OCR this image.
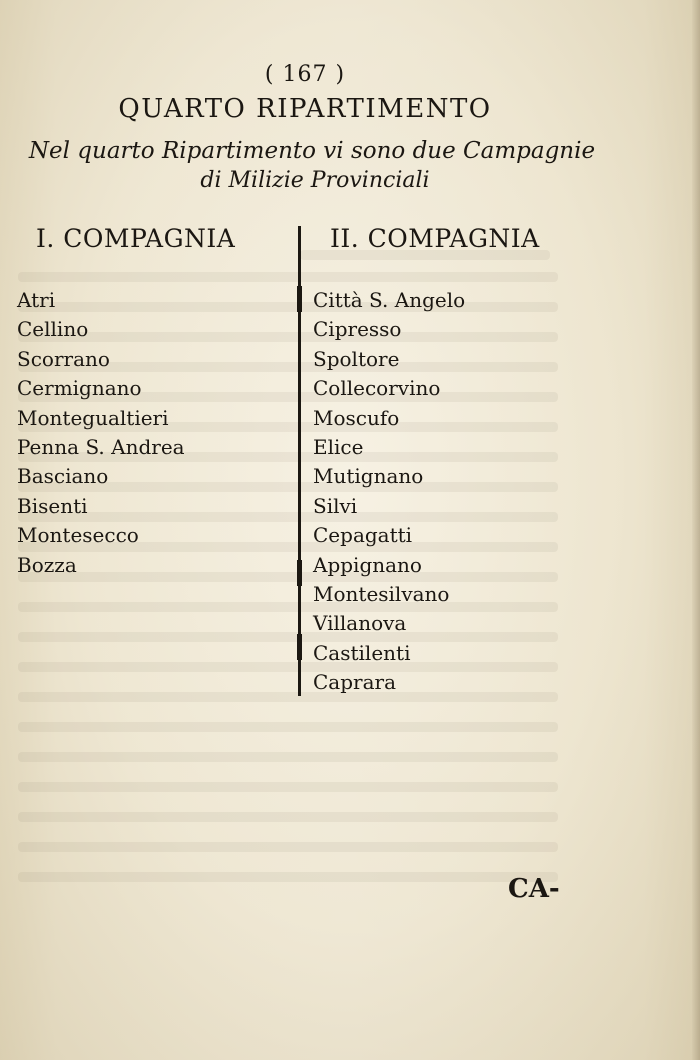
( 167 )
QUARTO RIPARTIMENTO
Nel quarto Ripartimento vi sono due Campagnie
di Milizie Provinciali
I. COMPAGNIA	II. COMPAGNIA
Atri
Cellino
Scorrano
Cermignano
Montegualtieri
Penna S. Andrea
Basciano
Bisenti
Montesecco
Bozza
Città S. Angelo
Cipresso
Spoltore
Collecorvino
Moscufo
Elice
Mutignano
Silvi
Cepagatti
Appignano
Montesilvano
Villanova
Castilenti
Caprara
CA-
